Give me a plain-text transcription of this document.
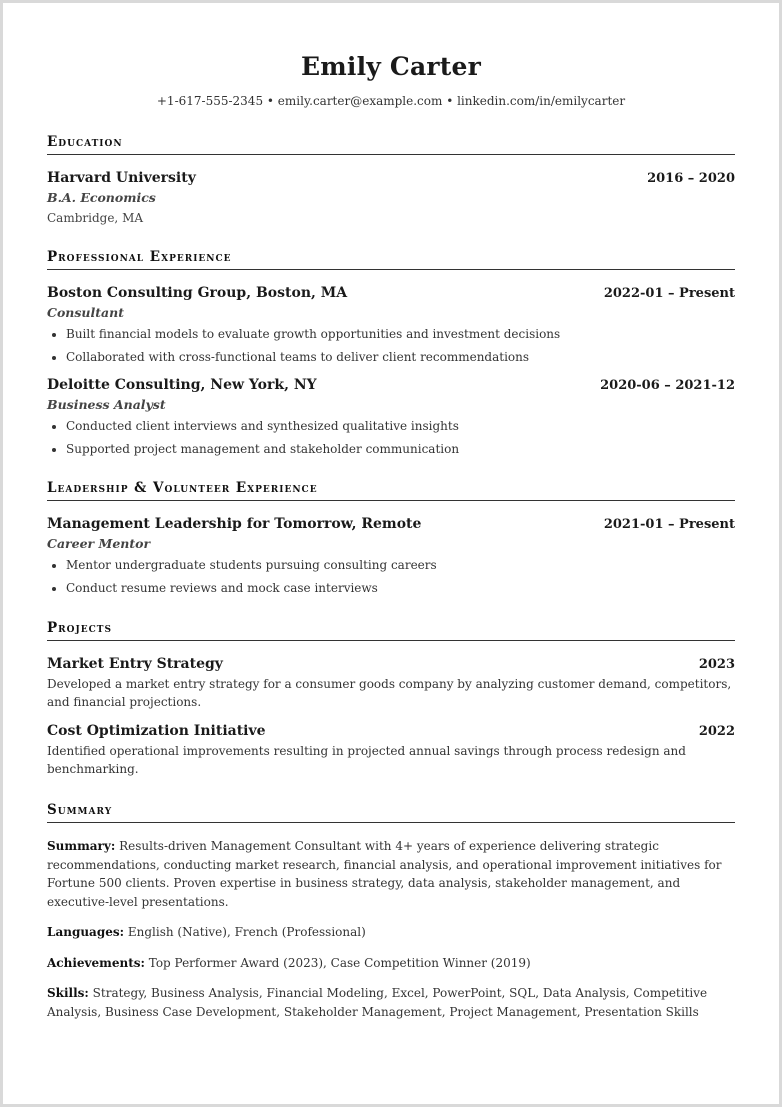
Emily Carter
+1-617-555-2345 • emily.carter@example.com • linkedin.com/in/emilycarter
Education
Harvard University	2016 – 2020
B.A. Economics
Cambridge, MA
Professional Experience
Boston Consulting Group, Boston, MA	2022-01 – Present
Consultant
• Built financial models to evaluate growth opportunities and investment decisions
• Collaborated with cross-functional teams to deliver client recommendations
Deloitte Consulting, New York, NY	2020-06 – 2021-12
Business Analyst
• Conducted client interviews and synthesized qualitative insights
• Supported project management and stakeholder communication
Leadership & Volunteer Experience
Management Leadership for Tomorrow, Remote	2021-01 – Present
Career Mentor
• Mentor undergraduate students pursuing consulting careers
• Conduct resume reviews and mock case interviews
Projects
Market Entry Strategy	2023
Developed a market entry strategy for a consumer goods company by analyzing customer demand, competitors, and financial projections.
Cost Optimization Initiative	2022
Identified operational improvements resulting in projected annual savings through process redesign and benchmarking.
Summary

Summary: Results-driven Management Consultant with 4+ years of experience delivering strategic recommendations, conducting market research, financial analysis, and operational improvement initiatives for Fortune 500 clients. Proven expertise in business strategy, data analysis, stakeholder management, and executive-level presentations.

Languages: English (Native), French (Professional)

Achievements: Top Performer Award (2023), Case Competition Winner (2019)

Skills: Strategy, Business Analysis, Financial Modeling, Excel, PowerPoint, SQL, Data Analysis, Competitive Analysis, Business Case Development, Stakeholder Management, Project Management, Presentation Skills
